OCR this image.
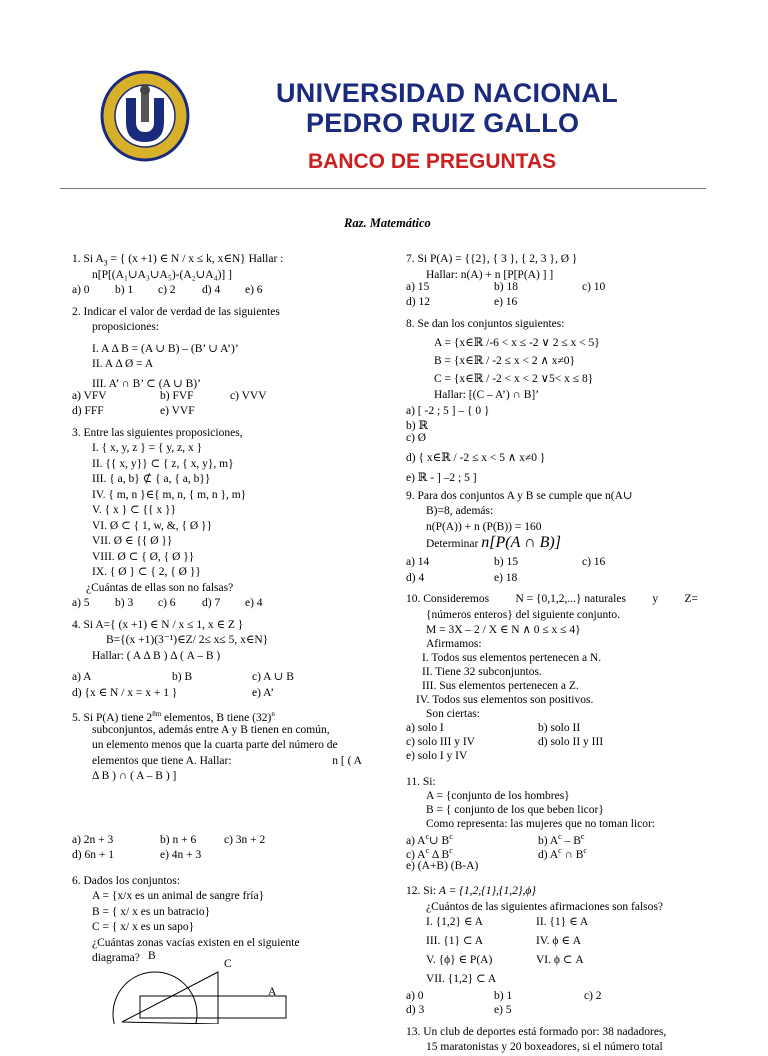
UNIVERSIDAD NACIONAL
PEDRO RUIZ GALLO
BANCO DE PREGUNTAS
Raz. Matemático
1. Si $A_3$ = { (x +1) ∈ N / x ≤ k, x∈N} Hallar :
n[P[(A₁∪A₃∪A₅)-(A₂∪A₄)] ]
a) 0	b) 1	c) 2	d) 4	e) 6
2. Indicar el valor de verdad de las siguientes
proposiciones:
I. A Δ B = (A ∪ B) – (B’ ∪ A’)’
II. A Δ Ø = A
III. A’ ∩ B’ ⊂ (A ∪ B)’
a) VFV	b) FVF	c) VVV
d) FFF	e) VVF
3. Entre las siguientes proposiciones,
I. { x, y, z } = { y, z, x }
II. {{ x, y}} ⊂ { z, { x, y}, m}
III. { a, b} ⊄ { a, { a, b}}
IV. { m, n }∈{ m, n, { m, n }, m}
V. { x } ⊂ {{ x }}
VI. Ø ⊂ { 1, w, &, { Ø }}
VII. Ø ∈ {{ Ø }}
VIII. Ø ⊂ { Ø, { Ø }}
IX. { Ø } ⊂ { 2, { Ø }}
¿Cuántas de ellas son no falsas?
a) 5	b) 3	c) 6	d) 7	e) 4
4. Si A={ (x +1) ∈ N / x ≤ 1, x ∈ Z }
B={(x +1)(3⁻¹)∈Z/ 2≤ x≤ 5, x∈N}
Hallar: ( A Δ B ) Δ ( A – B )
a) A	b) B	c) A ∪ B
d) {x ∈ N / x = x + 1 }	e) A’
5. Si P(A) tiene $2^{8m}$ elementos, B tiene $(32)^n$
subconjuntos, además entre A y B tienen en común,
un elemento menos que la cuarta parte del número de
elementos que tiene A. Hallar:	n [ ( A
Δ B ) ∩ ( A – B ) ]
a) 2n + 3	b) n + 6	c) 3n + 2
d) 6n + 1	e) 4n + 3
6. Dados los conjuntos:
A = {x/x es un animal de sangre fría}
B = { x/ x es un batracio}
C = { x/ x es un sapo}
¿Cuántas zonas vacías existen en el siguiente
diagrama? B
C
A
7. Si P(A) = {{2}, { 3 }, { 2, 3 }, Ø }
Hallar: n(A) + n [P[P(A) ] ]
a) 15	b) 18	c) 10
d) 12	e) 16
8. Se dan los conjuntos siguientes:
A = {x∈ℝ /-6 < x ≤ -2 ∨ 2 ≤ x < 5}
B = {x∈ℝ / -2 ≤ x < 2 ∧ x≠0}
C = {x∈ℝ / -2 < x < 2 ∨5< x ≤ 8}
Hallar: [(C – A’) ∩ B]’
a) [ -2 ; 5 ] – { 0 }
b) ℝ
c) Ø
d) { x∈ℝ / -2 ≤ x < 5 ∧ x≠0 }
e) ℝ - ] –2 ; 5 ]
9. Para dos conjuntos A y B se cumple que n(A∪
B)=8, además:
n(P(A)) + n (P(B)) = 160
Determinar n[P(A ∩ B)]
a) 14	b) 15	c) 16
d) 4	e) 18
10. Consideremos N = {0,1,2,...} naturales y Z=
{números enteros} del siguiente conjunto.
M = 3X – 2 / X ∈ N ∧ 0 ≤ x ≤ 4}
Afirmamos:
I. Todos sus elementos pertenecen a N.
II. Tiene 32 subconjuntos.
III. Sus elementos pertenecen a Z.
IV. Todos sus elementos son positivos.
Son ciertas:
a) solo I	b) solo II
c) solo III y IV	d) solo II y III
e) solo I y IV
11. Si:
A = {conjunto de los hombres}
B = { conjunto de los que beben licor}
Como representa: las mujeres que no toman licor:
a) $A^c\cup$ $B^c$	b) $A^c - B^c$
c) $A^c$ Δ $B^c$	d) $A^c$ ∩ $B^c$
e) (A+B) (B-A)
12. Si: A = {1,2,{1},{1,2},ϕ}
¿Cuántos de las siguientes afirmaciones son falsos?
I. {1,2} ∈ A	II. {1} ∈ A
III. {1} ⊂ A	IV. ϕ ∈ A
V. {ϕ} ∈ P(A)	VI. ϕ ⊂ A
VII. {1,2} ⊂ A
a) 0	b) 1	c) 2
d) 3	e) 5
13. Un club de deportes está formado por: 38 nadadores,
15 maratonistas y 20 boxeadores, si el número total
